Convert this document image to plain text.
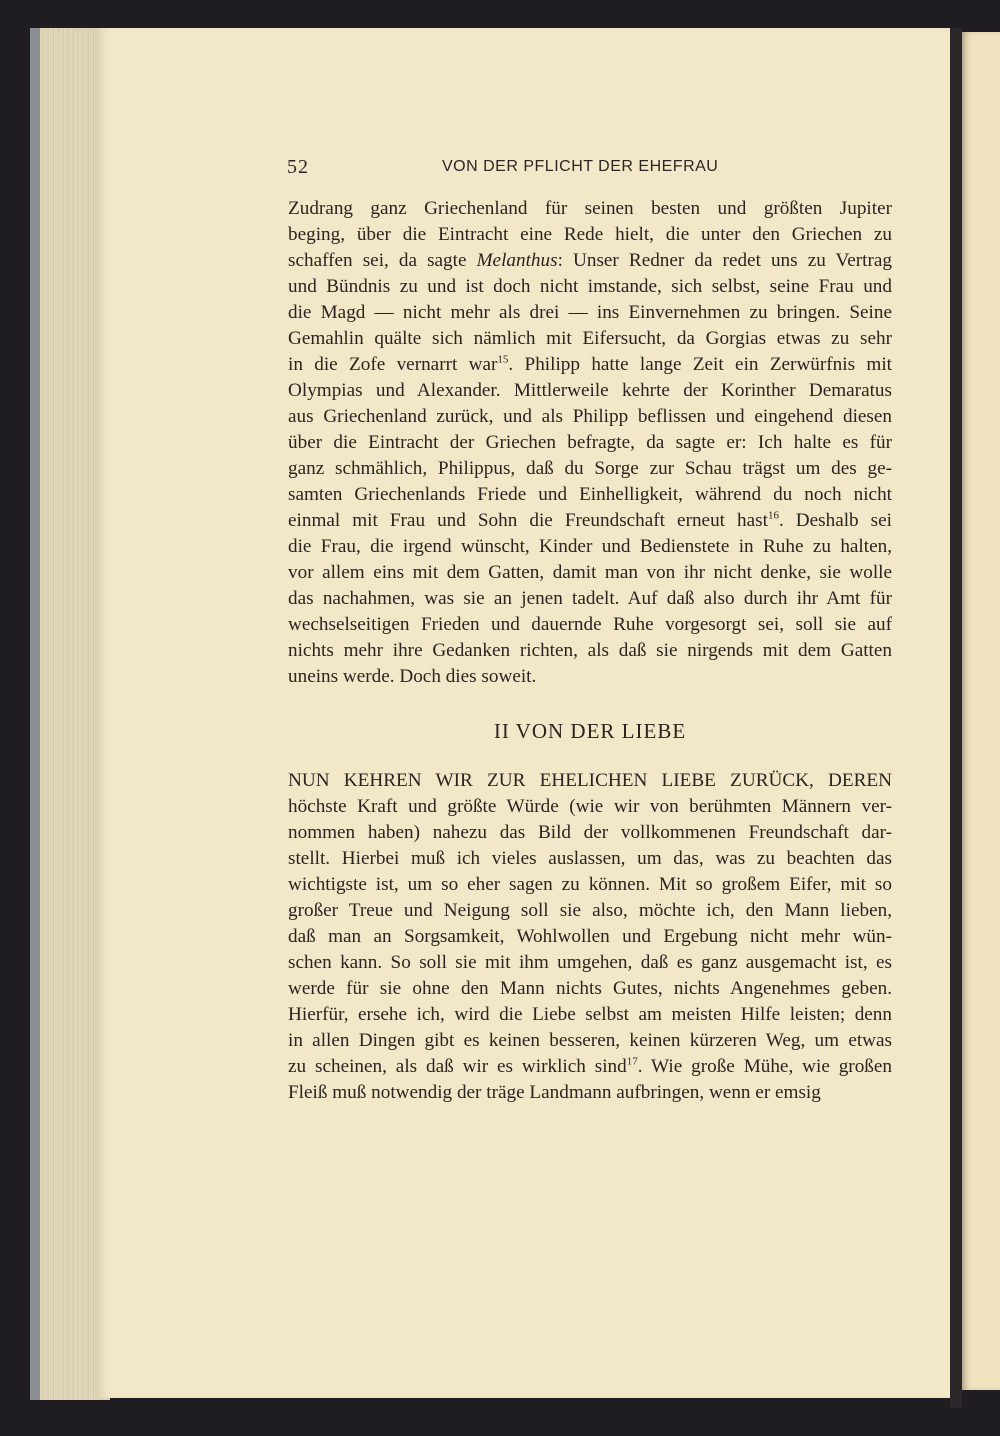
52	VON DER PFLICHT DER EHEFRAU
Zudrang ganz Griechenland für seinen besten und größten Jupiter
beging, über die Eintracht eine Rede hielt, die unter den Griechen zu
schaffen sei, da sagte Melanthus: Unser Redner da redet uns zu Vertrag
und Bündnis zu und ist doch nicht imstande, sich selbst, seine Frau und
die Magd — nicht mehr als drei — ins Einvernehmen zu bringen. Seine
Gemahlin quälte sich nämlich mit Eifersucht, da Gorgias etwas zu sehr
in die Zofe vernarrt war$^{15}$. Philipp hatte lange Zeit ein Zerwürfnis mit
Olympias und Alexander. Mittlerweile kehrte der Korinther Demaratus
aus Griechenland zurück, und als Philipp beflissen und eingehend diesen
über die Eintracht der Griechen befragte, da sagte er: Ich halte es für
ganz schmählich, Philippus, daß du Sorge zur Schau trägst um des ge-
samten Griechenlands Friede und Einhelligkeit, während du noch nicht
einmal mit Frau und Sohn die Freundschaft erneut hast$^{16}$. Deshalb sei
die Frau, die irgend wünscht, Kinder und Bedienstete in Ruhe zu halten,
vor allem eins mit dem Gatten, damit man von ihr nicht denke, sie wolle
das nachahmen, was sie an jenen tadelt. Auf daß also durch ihr Amt für
wechselseitigen Frieden und dauernde Ruhe vorgesorgt sei, soll sie auf
nichts mehr ihre Gedanken richten, als daß sie nirgends mit dem Gatten
uneins werde. Doch dies soweit.
II VON DER LIEBE
NUN KEHREN WIR ZUR EHELICHEN LIEBE ZURÜCK, DEREN
höchste Kraft und größte Würde (wie wir von berühmten Männern ver-
nommen haben) nahezu das Bild der vollkommenen Freundschaft dar-
stellt. Hierbei muß ich vieles auslassen, um das, was zu beachten das
wichtigste ist, um so eher sagen zu können. Mit so großem Eifer, mit so
großer Treue und Neigung soll sie also, möchte ich, den Mann lieben,
daß man an Sorgsamkeit, Wohlwollen und Ergebung nicht mehr wün-
schen kann. So soll sie mit ihm umgehen, daß es ganz ausgemacht ist, es
werde für sie ohne den Mann nichts Gutes, nichts Angenehmes geben.
Hierfür, ersehe ich, wird die Liebe selbst am meisten Hilfe leisten; denn
in allen Dingen gibt es keinen besseren, keinen kürzeren Weg, um etwas
zu scheinen, als daß wir es wirklich sind$^{17}$. Wie große Mühe, wie großen
Fleiß muß notwendig der träge Landmann aufbringen, wenn er emsig
